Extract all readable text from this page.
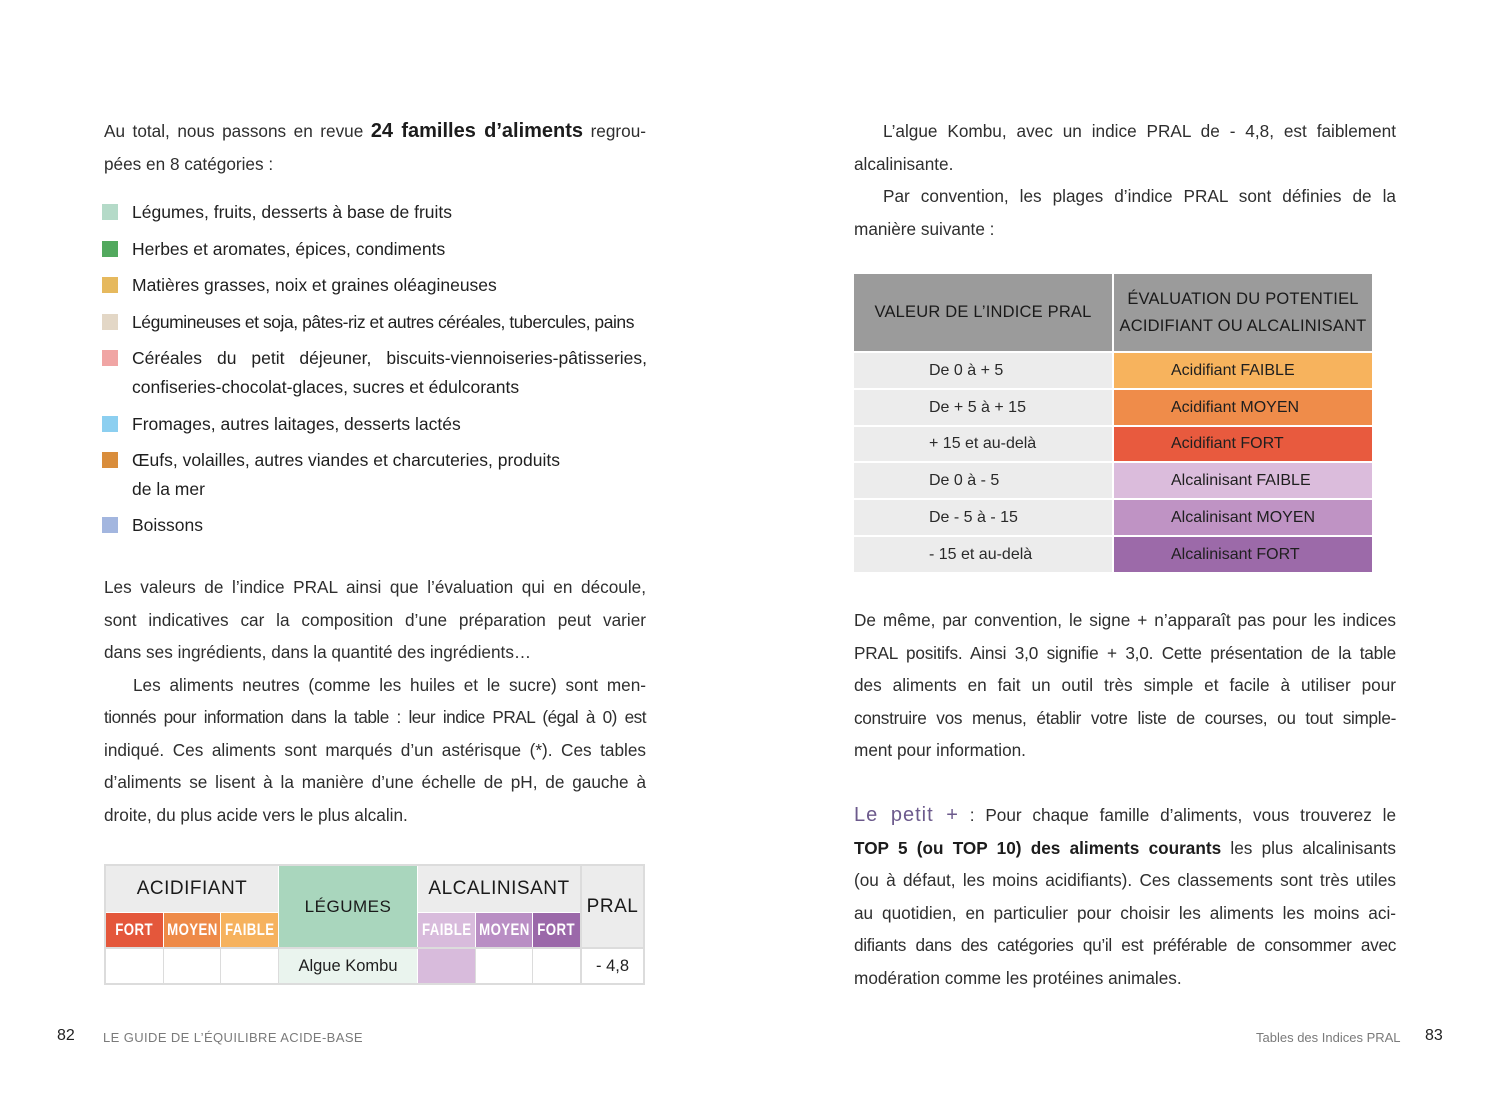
Au total, nous passons en revue 24 familles d’aliments regrou-
pées en 8 catégories :
Légumes, fruits, desserts à base de fruits
Herbes et aromates, épices, condiments
Matières grasses, noix et graines oléagineuses
Légumineuses et soja, pâtes-riz et autres céréales, tubercules, pains
Céréales du petit déjeuner, biscuits-viennoiseries-pâtisseries,
confiseries-chocolat-glaces, sucres et édulcorants
Fromages, autres laitages, desserts lactés
Œufs, volailles, autres viandes et charcuteries, produits
de la mer
Boissons
Les valeurs de l’indice PRAL ainsi que l’évaluation qui en découle,
sont indicatives car la composition d’une préparation peut varier
dans ses ingrédients, dans la quantité des ingrédients…
Les aliments neutres (comme les huiles et le sucre) sont men-
tionnés pour information dans la table : leur indice PRAL (égal à 0) est
indiqué. Ces aliments sont marqués d’un astérisque (*). Ces tables
d’aliments se lisent à la manière d’une échelle de pH, de gauche à
droite, du plus acide vers le plus alcalin.
ACIDIFIANT
LÉGUMES
ALCALINISANT
PRAL
FORT MOYEN FAIBLE	FAIBLE MOYEN FORT
Algue Kombu	- 4,8
82 LE GUIDE DE L’ÉQUILIBRE ACIDE-BASE
L’algue Kombu, avec un indice PRAL de - 4,8, est faiblement
alcalinisante.
Par convention, les plages d’indice PRAL sont définies de la
manière suivante :
VALEUR DE L’INDICE PRAL
ÉVALUATION DU POTENTIEL
ACIDIFIANT OU ALCALINISANT
De 0 à + 5	Acidifiant FAIBLE
De + 5 à + 15	Acidifiant MOYEN
+ 15 et au-delà	Acidifiant FORT
De 0 à - 5	Alcalinisant FAIBLE
De - 5 à - 15	Alcalinisant MOYEN
- 15 et au-delà	Alcalinisant FORT
De même, par convention, le signe + n’apparaît pas pour les indices
PRAL positifs. Ainsi 3,0 signifie + 3,0. Cette présentation de la table
des aliments en fait un outil très simple et facile à utiliser pour
construire vos menus, établir votre liste de courses, ou tout simple-
ment pour information.
Le petit + : Pour chaque famille d’aliments, vous trouverez le
TOP 5 (ou TOP 10) des aliments courants les plus alcalinisants
(ou à défaut, les moins acidifiants). Ces classements sont très utiles
au quotidien, en particulier pour choisir les aliments les moins aci-
difiants dans des catégories qu’il est préférable de consommer avec
modération comme les protéines animales.
Tables des Indices PRAL 83
